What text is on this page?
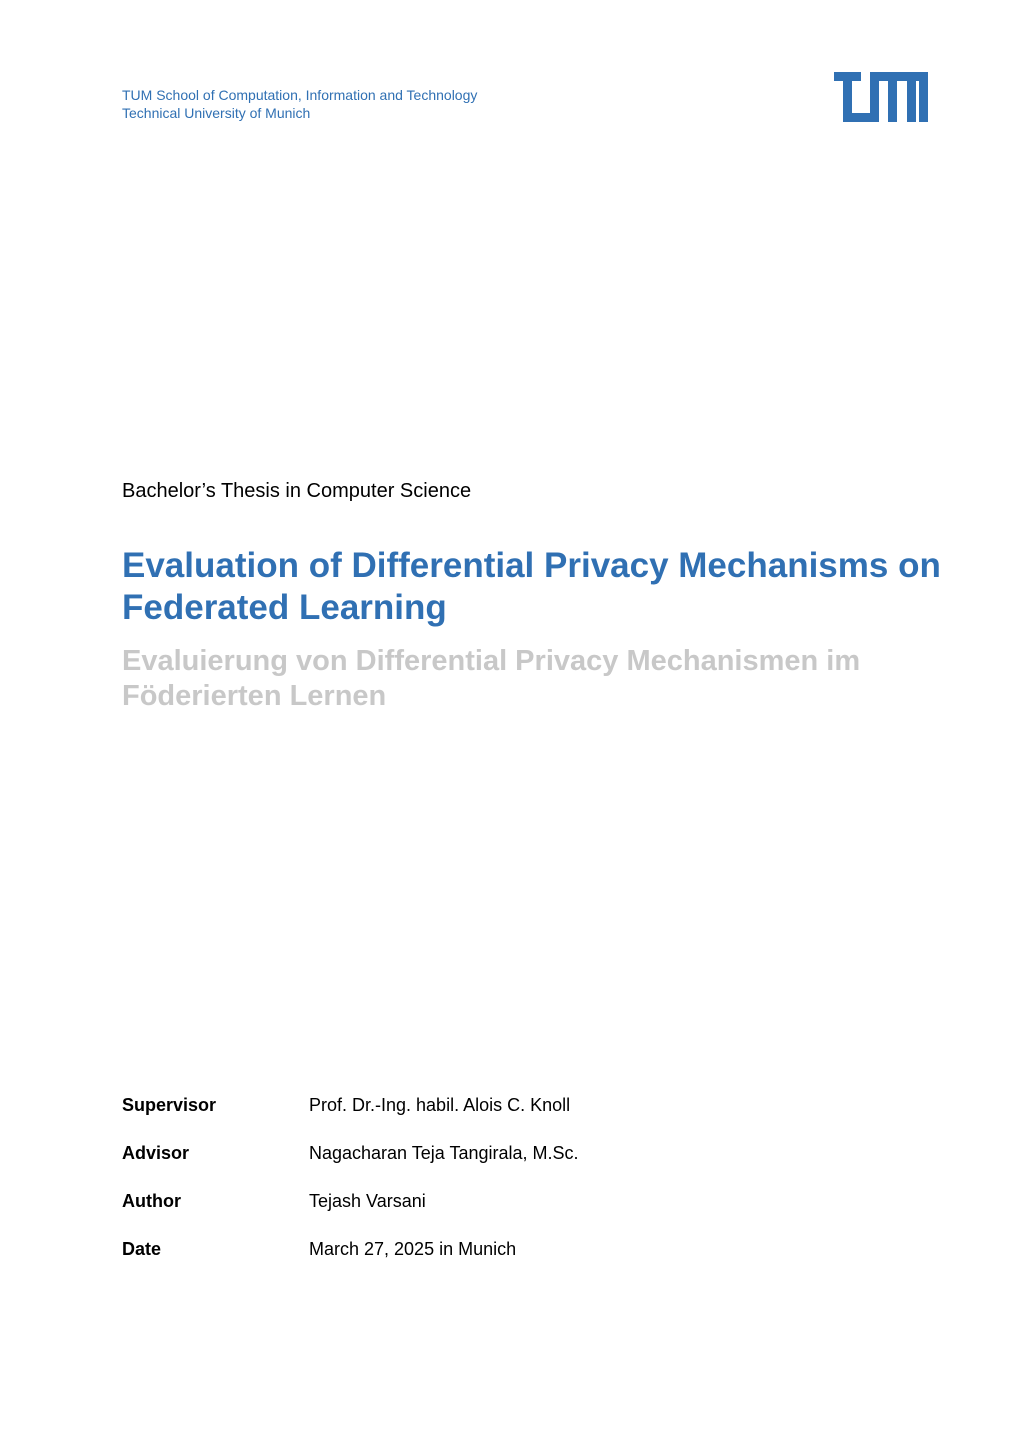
TUM School of Computation, Information and Technology
Technical University of Munich
Bachelor’s Thesis in Computer Science
Evaluation of Differential Privacy Mechanisms on Federated Learning
Evaluierung von Differential Privacy Mechanismen im Föderierten Lernen
Supervisor	Prof. Dr.-Ing. habil. Alois C. Knoll
Advisor	Nagacharan Teja Tangirala, M.Sc.
Author	Tejash Varsani
Date	March 27, 2025 in Munich
